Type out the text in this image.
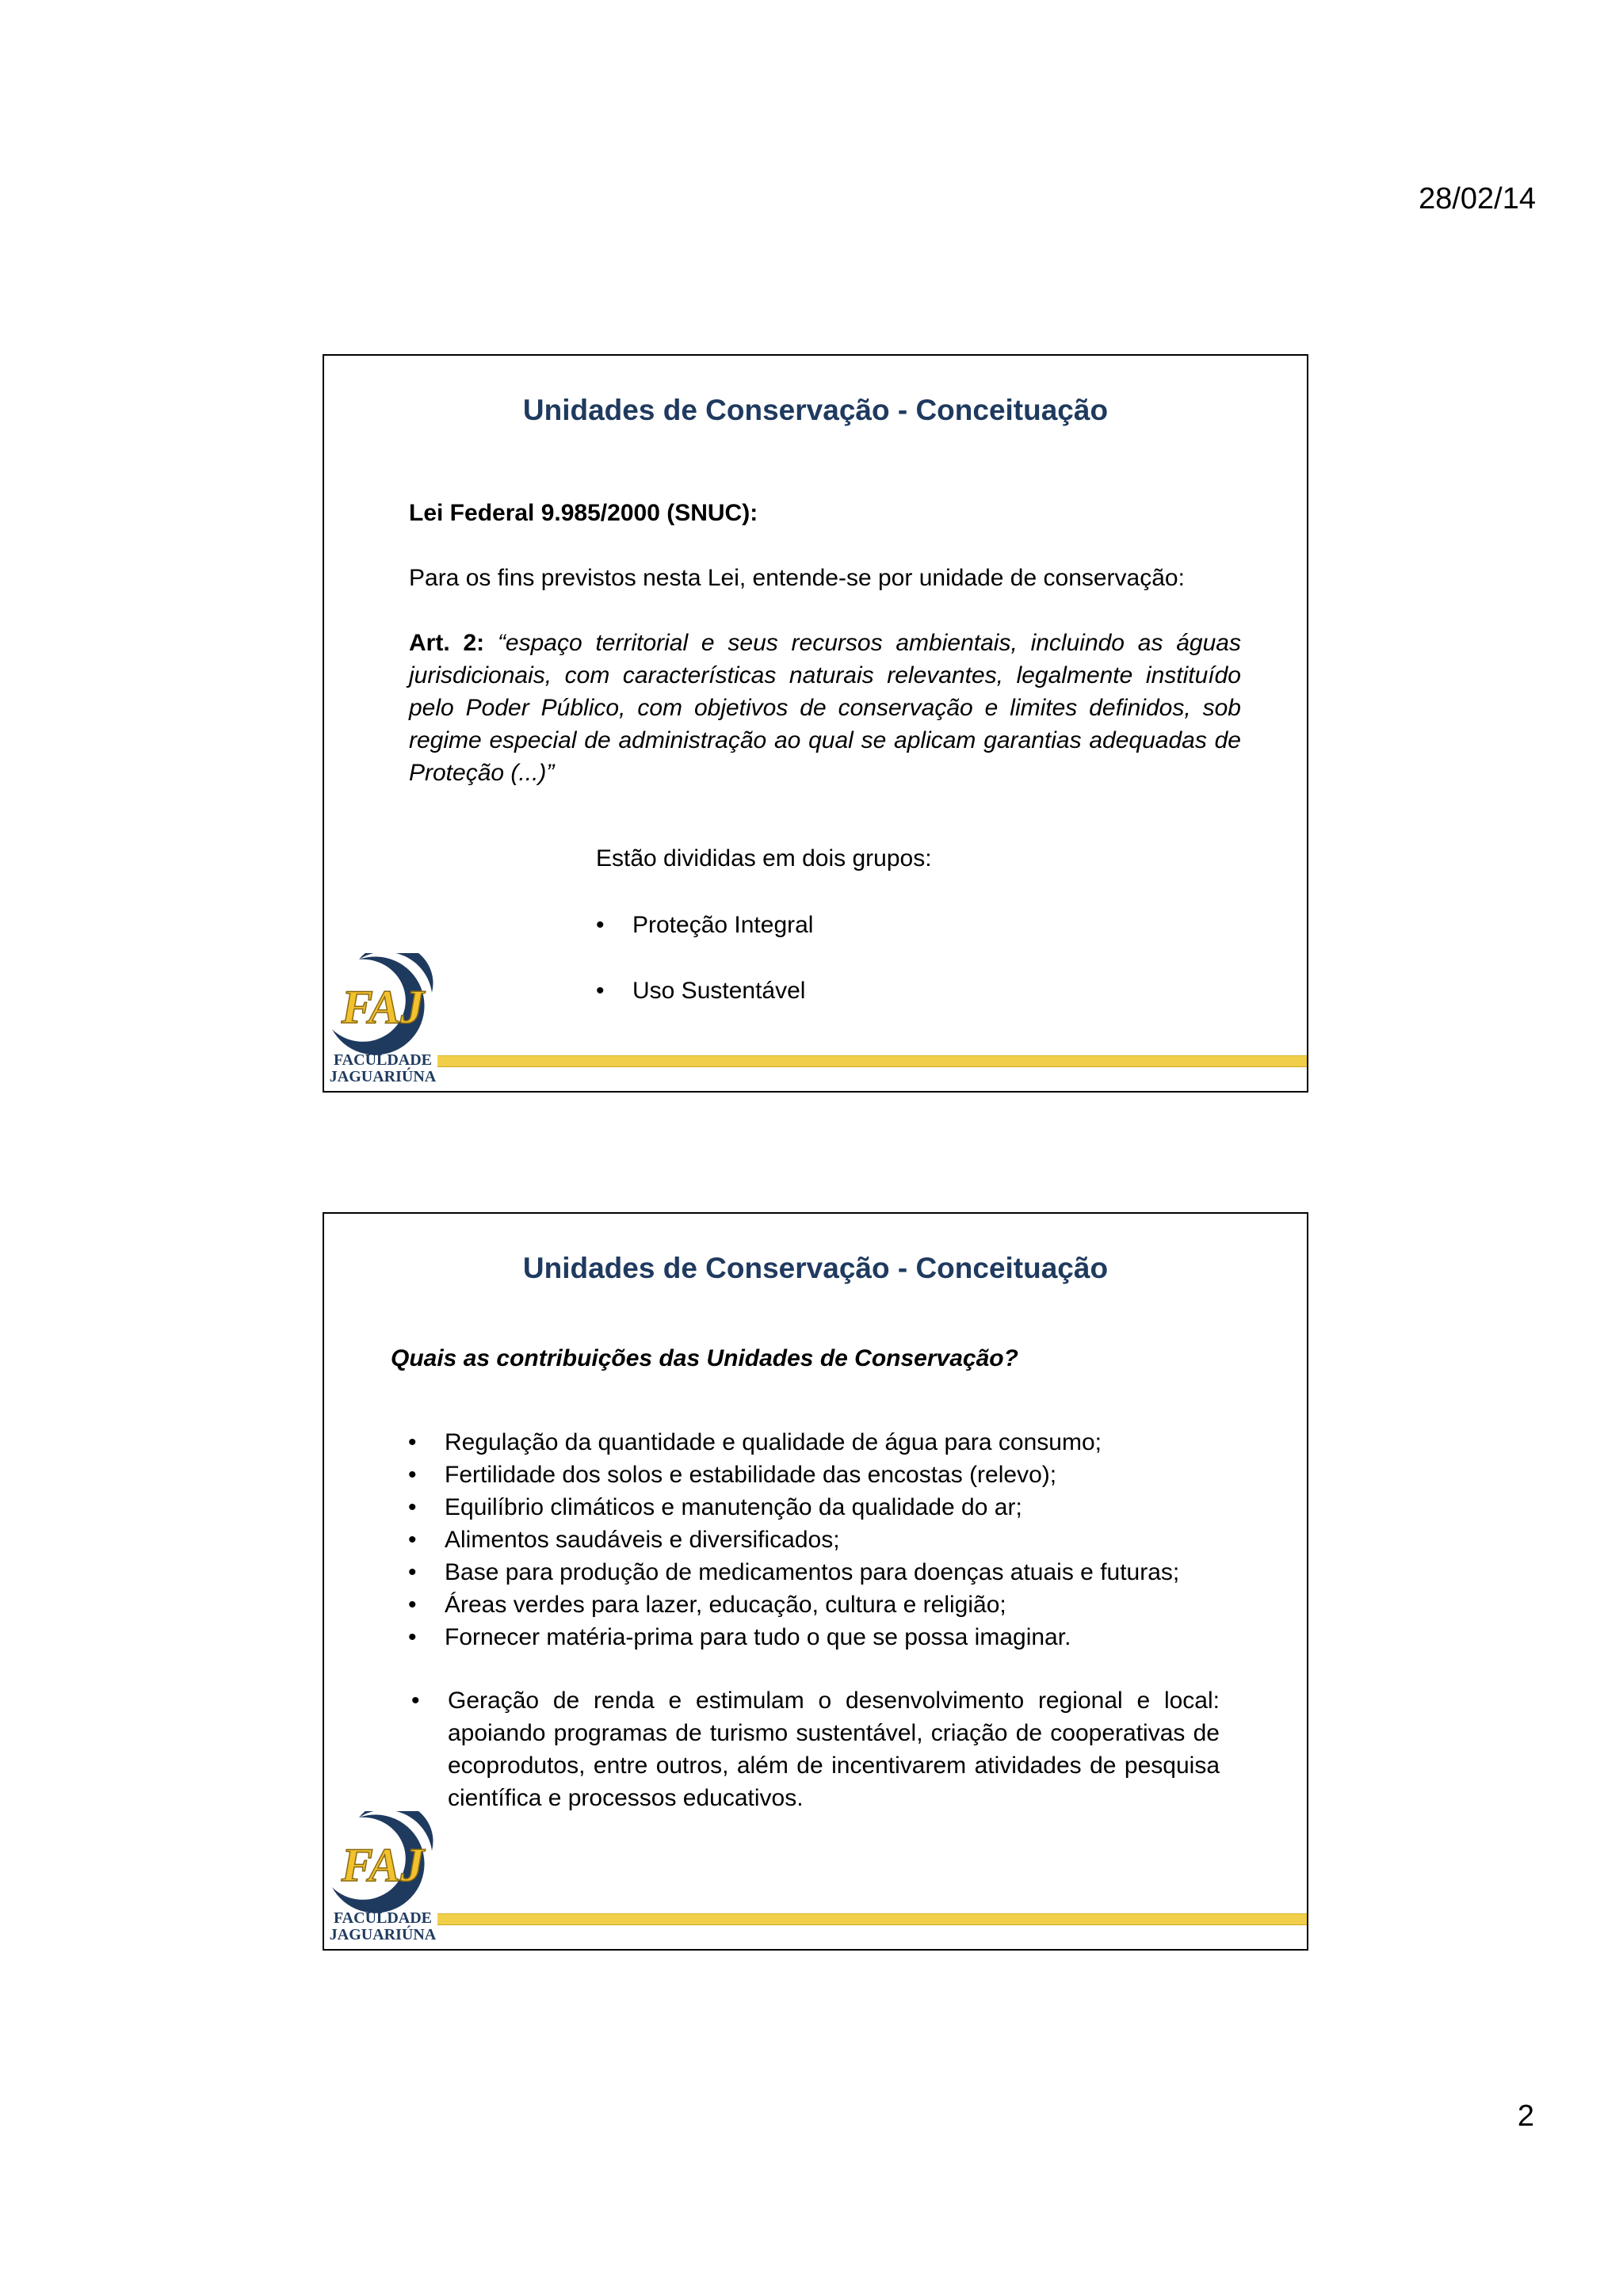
28/02/14
Unidades de Conservação - Conceituação
Lei Federal 9.985/2000 (SNUC):
Para os fins previstos nesta Lei, entende-se por unidade de conservação:
Art. 2: “espaço territorial e seus recursos ambientais, incluindo as águas jurisdicionais, com características naturais relevantes, legalmente instituído pelo Poder Público, com objetivos de conservação e limites definidos, sob regime especial de administração ao qual se aplicam garantias adequadas de Proteção (...)”
Estão divididas em dois grupos:
• Proteção Integral
• Uso Sustentável
FAJ
FACULDADE
JAGUARIÚNA
Unidades de Conservação - Conceituação
Quais as contribuições das Unidades de Conservação?
• Regulação da quantidade e qualidade de água para consumo;
• Fertilidade dos solos e estabilidade das encostas (relevo);
• Equilíbrio climáticos e manutenção da qualidade do ar;
• Alimentos saudáveis e diversificados;
• Base para produção de medicamentos para doenças atuais e futuras;
• Áreas verdes para lazer, educação, cultura e religião;
• Fornecer matéria-prima para tudo o que se possa imaginar.
• Geração de renda e estimulam o desenvolvimento regional e local: apoiando programas de turismo sustentável, criação de cooperativas de ecoprodutos, entre outros, além de incentivarem atividades de pesquisa científica e processos educativos.
FAJ
FACULDADE
JAGUARIÚNA
2
